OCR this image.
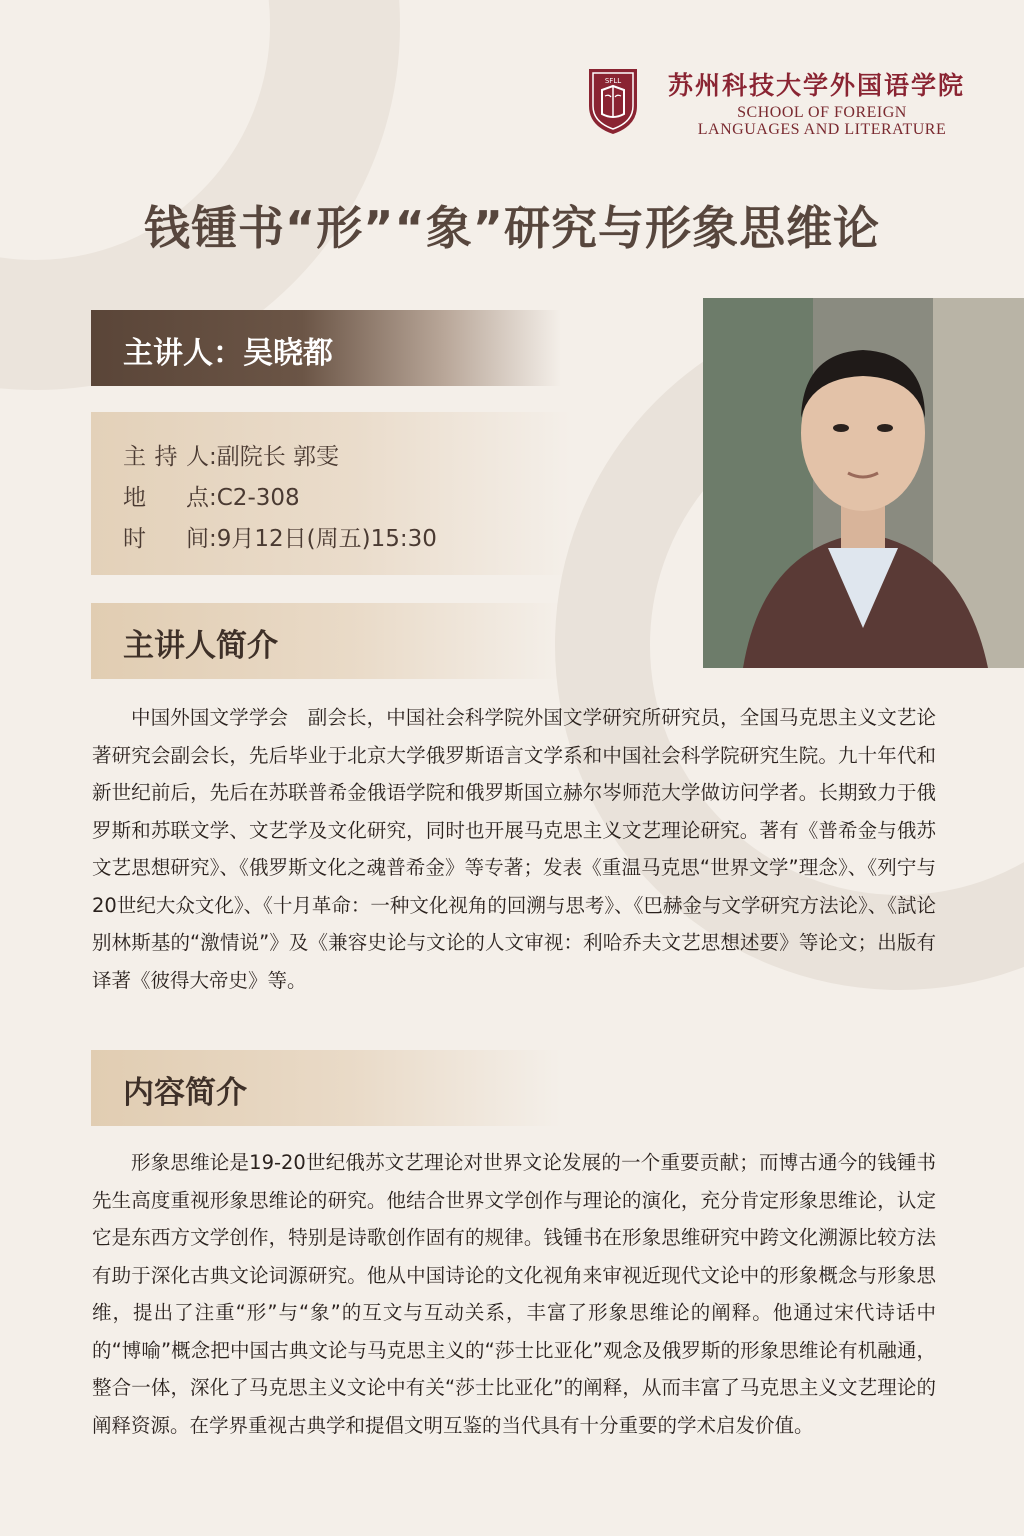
SFLL 苏州科技大学外国语学院
SCHOOL OF FOREIGN
LANGUAGES AND LITERATURE
钱锺书“形”“象”研究与形象思维论
主讲人：吴晓都
主持人:副院长 郭雯
地点:C2-308
时间:9月12日(周五)15:30
主讲人简介

中国外国文学学会　副会长，中国社会科学院外国文学研究所研究员，全国马克思主义文艺论著研究会副会长，先后毕业于北京大学俄罗斯语言文学系和中国社会科学院研究生院。九十年代和新世纪前后，先后在苏联普希金俄语学院和俄罗斯国立赫尔岑师范大学做访问学者。长期致力于俄罗斯和苏联文学、文艺学及文化研究，同时也开展马克思主义文艺理论研究。著有《普希金与俄苏文艺思想研究》、《俄罗斯文化之魂普希金》等专著；发表《重温马克思“世界文学”理念》、《列宁与20世纪大众文化》、《十月革命：一种文化视角的回溯与思考》、《巴赫金与文学研究方法论》、《試论别林斯基的“激情说”》及《兼容史论与文论的人文审视：利哈乔夫文艺思想述要》等论文；出版有译著《彼得大帝史》等。

内容简介

形象思维论是19-20世纪俄苏文艺理论对世界文论发展的一个重要贡献；而博古通今的钱锺书先生高度重视形象思维论的研究。他结合世界文学创作与理论的演化，充分肯定形象思维论，认定它是东西方文学创作，特别是诗歌创作固有的规律。钱锺书在形象思维研究中跨文化溯源比较方法有助于深化古典文论词源研究。他从中国诗论的文化视角来审视近现代文论中的形象概念与形象思维，提出了注重“形”与“象”的互文与互动关系，丰富了形象思维论的阐释。他通过宋代诗话中的“博喻”概念把中国古典文论与马克思主义的“莎士比亚化”观念及俄罗斯的形象思维论有机融通，整合一体，深化了马克思主义文论中有关“莎士比亚化”的阐释，从而丰富了马克思主义文艺理论的阐释资源。在学界重视古典学和提倡文明互鉴的当代具有十分重要的学术启发价值。
